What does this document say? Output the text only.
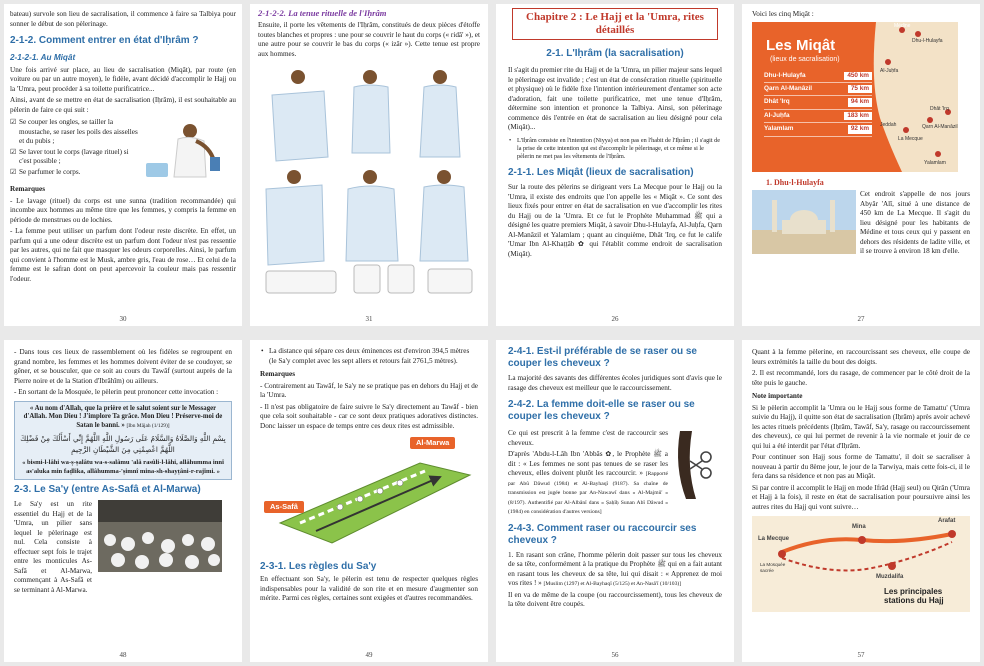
bateau) survole son lieu de sacralisation, il commence à faire sa Talbiya pour sonner le début de son pèlerinage.
2-1-2. Comment entrer en état d'Iḥrâm ?
2-1-2-1. Au Miqât
Une fois arrivé sur place, au lieu de sacralisation (Miqât), par route (en voiture ou par un autre moyen), le fidèle, avant décidé d'accomplir le Hajj ou la 'Umra, peut procéder à sa toilette purificatrice...
Ainsi, avant de se mettre en état de sacralisation (Iḥrâm), il est souhaitable au pèlerin de faire ce qui suit :
☑ Se couper les ongles, se tailler la moustache, se raser les poils des aisselles et du pubis ;
☑ Se laver tout le corps (lavage rituel) si c'est possible ;
☑ Se parfumer le corps.
Remarques
- Le lavage (rituel) du corps est une sunna (tradition recommandée) qui incombe aux hommes au même titre que les femmes, y compris la femme en période de menstrues ou de lochies.
- La femme peut utiliser un parfum dont l'odeur reste discrète. En effet, un parfum qui a une odeur discrète est un parfum dont l'odeur n'est pas ressentie par les autres, qui ne fait que masquer les odeurs corporelles. Ainsi, le parfum qui convient à l'homme est le Musk, ambre gris, l'eau de rose… Et celui de la femme est le safran dont on peut apercevoir la couleur mais pas ressentir l'odeur.
30
2-1-2-2. La tenue rituelle de l'Iḥrâm
Ensuite, il porte les vêtements de l'Iḥrâm, constitués de deux pièces d'étoffe toutes blanches et propres : une pour se couvrir le haut du corps (« ridâ' »), et une autre pour se couvrir le bas du corps (« izâr »). Cette tenue est propre aux hommes.
31
Chapitre 2 : Le Hajj et la 'Umra, rites détaillés
2-1. L'Iḥrâm (la sacralisation)
Il s'agit du premier rite du Hajj et de la 'Umra, un pilier majeur sans lequel le pèlerinage est invalide ; c'est un état de consécration rituelle (spirituelle et physique) où le fidèle fixe l'intention intérieurement d'entamer son acte d'adoration, fait une toilette purificatrice, met une tenue d'Iḥrâm, détermine son intention et prononce la Talbiya. Ainsi, son pèlerinage commence dès l'entrée en état de sacralisation au lieu désigné pour cela (Miqât)...
• L'Iḥrâm consiste en l'intention (Niyya) et non pas en l'habit de l'Iḥrâm ; il s'agit de la prise de cette intention qui est d'accomplir le pèlerinage, et ce même si le pèlerin ne met pas les vêtements de l'Iḥrâm.
2-1-1. Les Miqât (lieux de sacralisation)
Sur la route des pèlerins se dirigeant vers La Mecque pour le Hajj ou la 'Umra, il existe des endroits que l'on appelle les « Miqât ». Ce sont des lieux fixés pour entrer en état de sacralisation en vue d'accomplir les rites du Hajj ou de la 'Umra. Et ce fut le Prophète Muhammad ﷺ qui a désigné les quatre premiers Miqât, à savoir Dhu-l-Hulayfa, Al-Juḥfa, Qarn Al-Manâzil et Yalamlam ; quant au cinquième, Dhât 'Irq, ce fut le calife 'Umar Ibn Al-Khaṭṭâb ✿ qui l'établit comme endroit de sacralisation (Miqât).
26
Voici les cinq Miqât :
Les Miqât
(lieux de sacralisation)
Dhu-l-Hulayfa	450 km
Qarn Al-Manâzil	75 km
Dhât 'Irq	94 km
Al-Juḥfa	183 km
Yalamlam	92 km
Médine
Dhu-l-Hulayfa
Al-Juḥfa
Dhât 'Irq
Qarn Al-Manâzil
Jeddah
La Mecque
Yalamlam
1. Dhu-l-Hulayfa
Cet endroit s'appelle de nos jours Abyâr 'Alî, situé à une distance de 450 km de La Mecque. Il s'agit du lieu désigné pour les habitants de Médine et tous ceux qui y passent en dehors des résidents de ladite ville, et il se trouve à environ 18 km d'elle.
27
- Dans tous ces lieux de rassemblement où les fidèles se regroupent en grand nombre, les femmes et les hommes doivent éviter de se coudoyer, se gêner, et se bousculer, que ce soit au cours du Tawâf (surtout auprès de la Pierre noire et de la Station d'Ibrâhîm) ou ailleurs.
- En sortant de la Mosquée, le pèlerin peut prononcer cette invocation :
« Au nom d'Allah, que la prière et le salut soient sur le Messager d'Allah. Mon Dieu ! J'implore Ta grâce. Mon Dieu ! Préserve-moi de Satan le banni. » [Ibn Mâjah (1/129)]
بِسْمِ اللَّهِ وَالصَّلَاةُ وَالسَّلَامُ عَلَى رَسُولِ اللَّهِ اللَّهُمَّ إِنِّي أَسْأَلُكَ مِنْ فَضْلِكَ اللَّهُمَّ اعْصِمْنِي مِنَ الشَّيْطَانِ الرَّجِيمِ
« bismi-l-lâhi wa-ṣ-ṣalâtu wa-s-salâmu 'alâ rasûli-l-lâhi, allâhumma innî as'aluka min faḍlika, allâhumma-'ṣimnî mina-sh-shayṭâni-r-rajîmi. »
2-3. Le Sa'y (entre As-Safâ et Al-Marwa)
Le Sa'y est un rite essentiel du Hajj et de la 'Umra, un pilier sans lequel le pèlerinage est nul. Cela consiste à effectuer sept fois le trajet entre les monticules As-Safâ et Al-Marwa, commençant à As-Safâ et se terminant à Al-Marwa.
48
• La distance qui sépare ces deux éminences est d'environ 394,5 mètres (le Sa'y complet avec les sept allers et retours fait 2761,5 mètres).
Remarques
- Contrairement au Tawâf, le Sa'y ne se pratique pas en dehors du Hajj et de la 'Umra.
- Il n'est pas obligatoire de faire suivre le Sa'y directement au Tawâf - bien que cela soit souhaitable - car ce sont deux pratiques adoratives distinctes. Donc laisser un espace de temps entre ces deux rites est admissible.
Al-Marwa
As-Safâ
2-3-1. Les règles du Sa'y
En effectuant son Sa'y, le pèlerin est tenu de respecter quelques règles indispensables pour la validité de son rite et en mesure d'augmenter son mérite. Parmi ces règles, certaines sont exigées et d'autres recommandées.
49
2-4-1. Est-il préférable de se raser ou se couper les cheveux ?
La majorité des savants des différentes écoles juridiques sont d'avis que le rasage des cheveux est meilleur que le raccourcissement.
2-4-2. La femme doit-elle se raser ou se couper les cheveux ?
Ce qui est prescrit à la femme c'est de raccourcir ses cheveux.
D'après 'Abdu-l-Lâh Ibn 'Abbâs ✿, le Prophète ﷺ a dit : « Les femmes ne sont pas tenues de se raser les cheveux, elles doivent plutôt les raccourcir. » [Rapporté par Abû Dâwud (1984) et Al-Bayhaqî (9187). Sa chaîne de transmission est jugée bonne par An-Nawawî dans « Al-Majmû' » (8/197). Authentifié par Al-Albânî dans « Ṣaḥîḥ Sunan Abî Dâwud » (1984) en considération d'autres versions]
2-4-3. Comment raser ou raccourcir ses cheveux ?
1. En rasant son crâne, l'homme pèlerin doit passer sur tous les cheveux de sa tête, conformément à la pratique du Prophète ﷺ qui en a fait autant en rasant tous les cheveux de sa tête, lui qui disait : « Apprenez de moi vos rites ! » [Muslim (1297) et Al-Bayhaqî (5/125) et An-Nasâ'î (10/103)]
Il en va de même de la coupe (ou raccourcissement), tous les cheveux de la tête doivent être coupés.
56
Quant à la femme pèlerine, en raccourcissant ses cheveux, elle coupe de leurs extrémités la taille du bout des doigts.
2. Il est recommandé, lors du rasage, de commencer par le côté droit de la tête puis le gauche.
Note importante
Si le pèlerin accomplit la 'Umra ou le Hajj sous forme de Tamattu' ('Umra suivie du Hajj), il quitte son état de sacralisation (Iḥrâm) après avoir achevé les actes rituels précédents (Iḥrâm, Tawâf, Sa'y, rasage ou raccourcissement des cheveux), ce qui lui permet de revenir à la vie normale et jouir de ce qui lui a été interdit par l'état d'Iḥrâm.
Pour continuer son Hajj sous forme de Tamattu', il doit se sacraliser à nouveau à partir du 8ème jour, le jour de la Tarwiya, mais cette fois-ci, il le fera dans sa résidence et non pas au Miqât.
Si par contre il accomplit le Hajj en mode Ifrâd (Hajj seul) ou Qirân ('Umra et Hajj à la fois), il reste en état de sacralisation pour poursuivre ainsi les autres rites du Hajj qui vont suivre…
La Mecque
La Mosquée sacrée
Mina
Arafat
Muzdalifa
Les principales stations du Hajj
57
